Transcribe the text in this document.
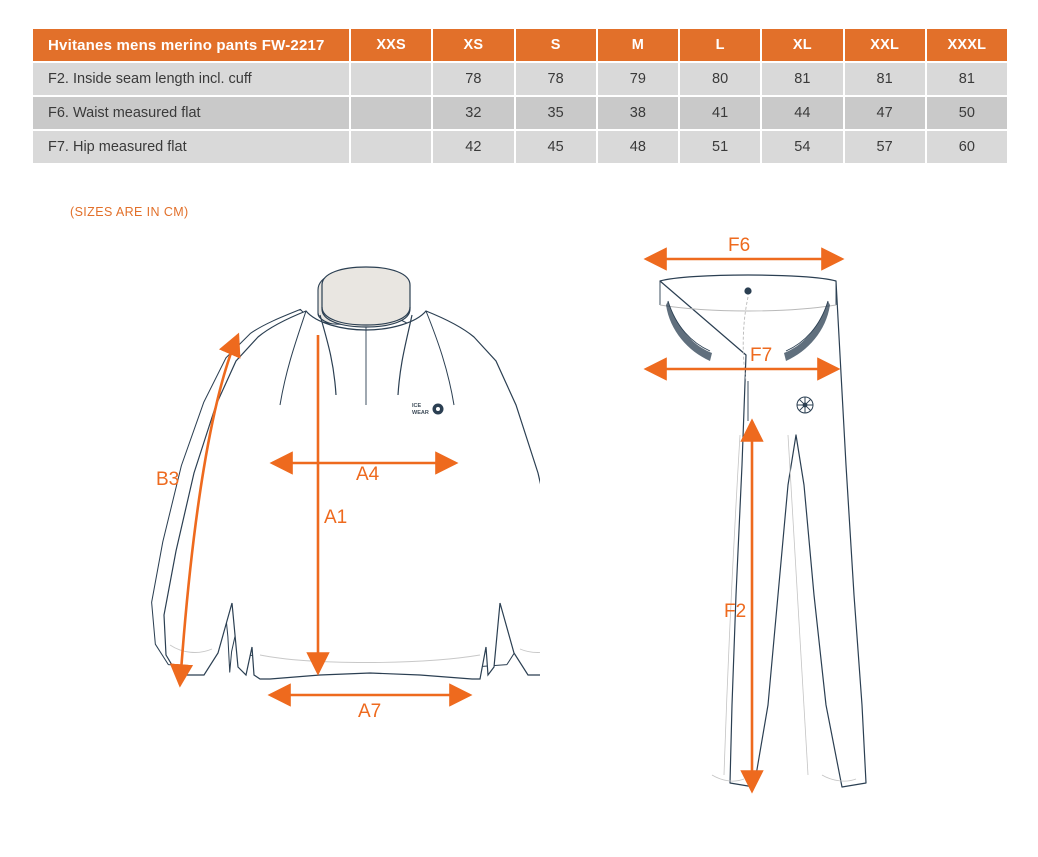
Hvitanes mens merino pants FW-2217	XXS	XS	S	M	L	XL	XXL	XXXL
F2. Inside seam length incl. cuff		78	78	79	80	81	81	81
F6. Waist measured flat		32	35	38	41	44	47	50
F7. Hip measured flat		42	45	48	51	54	57	60
(SIZES ARE IN CM)
ICE
WEAR
B3	A4
A1
A7
F6
F7
F2
